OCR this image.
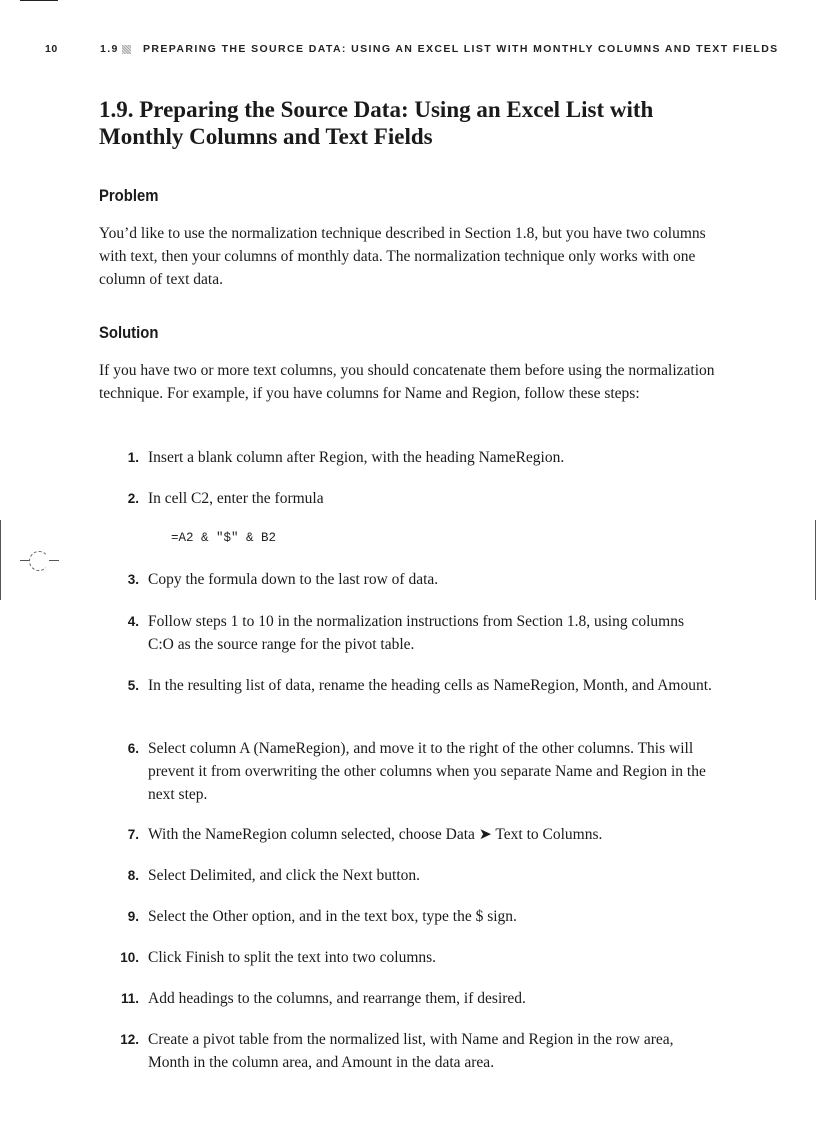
10	1.9 PREPARING THE SOURCE DATA: USING AN EXCEL LIST WITH MONTHLY COLUMNS AND TEXT FIELDS
1.9. Preparing the Source Data: Using an Excel List with
Monthly Columns and Text Fields
Problem

You’d like to use the normalization technique described in Section 1.8, but you have two columns with text, then your columns of monthly data. The normalization technique only works with one column of text data.

Solution

If you have two or more text columns, you should concatenate them before using the normalization technique. For example, if you have columns for Name and Region, follow these steps:

1. Insert a blank column after Region, with the heading NameRegion.
2. In cell C2, enter the formula
=A2 & "$" & B2
3. Copy the formula down to the last row of data.
4. Follow steps 1 to 10 in the normalization instructions from Section 1.8, using columns C:O as the source range for the pivot table.
5. In the resulting list of data, rename the heading cells as NameRegion, Month, and Amount.
6. Select column A (NameRegion), and move it to the right of the other columns. This will prevent it from overwriting the other columns when you separate Name and Region in the next step.
7. With the NameRegion column selected, choose Data ➤ Text to Columns.
8. Select Delimited, and click the Next button.
9. Select the Other option, and in the text box, type the $ sign.
10. Click Finish to split the text into two columns.
11. Add headings to the columns, and rearrange them, if desired.
12. Create a pivot table from the normalized list, with Name and Region in the row area, Month in the column area, and Amount in the data area.
